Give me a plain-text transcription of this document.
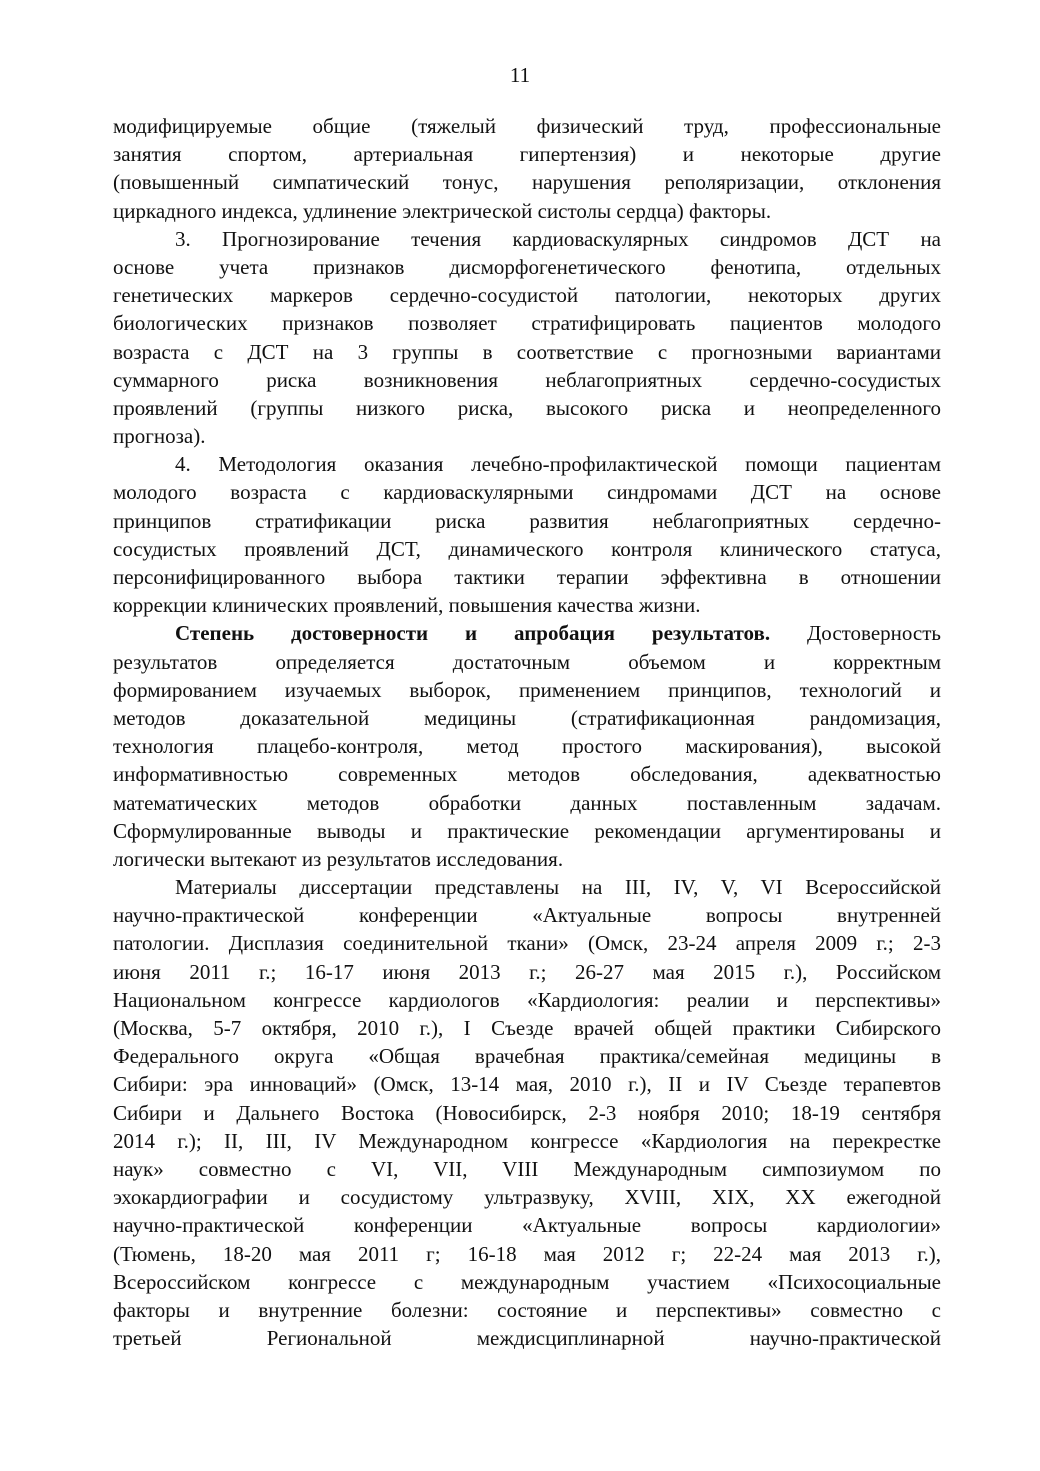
11
модифицируемые общие (тяжелый физический труд, профессиональные
занятия спортом, артериальная гипертензия) и некоторые другие
(повышенный симпатический тонус, нарушения реполяризации, отклонения
циркадного индекса, удлинение электрической систолы сердца) факторы.
3. Прогнозирование течения кардиоваскулярных синдромов ДСТ на
основе учета признаков дисморфогенетического фенотипа, отдельных
генетических маркеров сердечно-сосудистой патологии, некоторых других
биологических признаков позволяет стратифицировать пациентов молодого
возраста с ДСТ на 3 группы в соответствие с прогнозными вариантами
суммарного риска возникновения неблагоприятных сердечно-сосудистых
проявлений (группы низкого риска, высокого риска и неопределенного
прогноза).
4. Методология оказания лечебно-профилактической помощи пациентам
молодого возраста с кардиоваскулярными синдромами ДСТ на основе
принципов стратификации риска развития неблагоприятных сердечно-
сосудистых проявлений ДСТ, динамического контроля клинического статуса,
персонифицированного выбора тактики терапии эффективна в отношении
коррекции клинических проявлений, повышения качества жизни.
Степень достоверности и апробация результатов. Достоверность
результатов определяется достаточным объемом и корректным
формированием изучаемых выборок, применением принципов, технологий и
методов доказательной медицины (стратификационная рандомизация,
технология плацебо-контроля, метод простого маскирования), высокой
информативностью современных методов обследования, адекватностью
математических методов обработки данных поставленным задачам.
Сформулированные выводы и практические рекомендации аргументированы и
логически вытекают из результатов исследования.
Материалы диссертации представлены на III, IV, V, VI Всероссийской
научно-практической конференции «Актуальные вопросы внутренней
патологии. Дисплазия соединительной ткани» (Омск, 23-24 апреля 2009 г.; 2-3
июня 2011 г.; 16-17 июня 2013 г.; 26-27 мая 2015 г.), Российском
Национальном конгрессе кардиологов «Кардиология: реалии и перспективы»
(Москва, 5-7 октября, 2010 г.), I Съезде врачей общей практики Сибирского
Федерального округа «Общая врачебная практика/семейная медицины в
Сибири: эра инноваций» (Омск, 13-14 мая, 2010 г.), II и IV Съезде терапевтов
Сибири и Дальнего Востока (Новосибирск, 2-3 ноября 2010; 18-19 сентября
2014 г.); II, III, IV Международном конгрессе «Кардиология на перекрестке
наук» совместно с VI, VII, VIII Международным симпозиумом по
эхокардиографии и сосудистому ультразвуку, XVIII, XIX, XX ежегодной
научно-практической конференции «Актуальные вопросы кардиологии»
(Тюмень, 18-20 мая 2011 г; 16-18 мая 2012 г; 22-24 мая 2013 г.),
Всероссийском конгрессе с международным участием «Психосоциальные
факторы и внутренние болезни: состояние и перспективы» совместно с
третьей Региональной междисциплинарной научно-практической
